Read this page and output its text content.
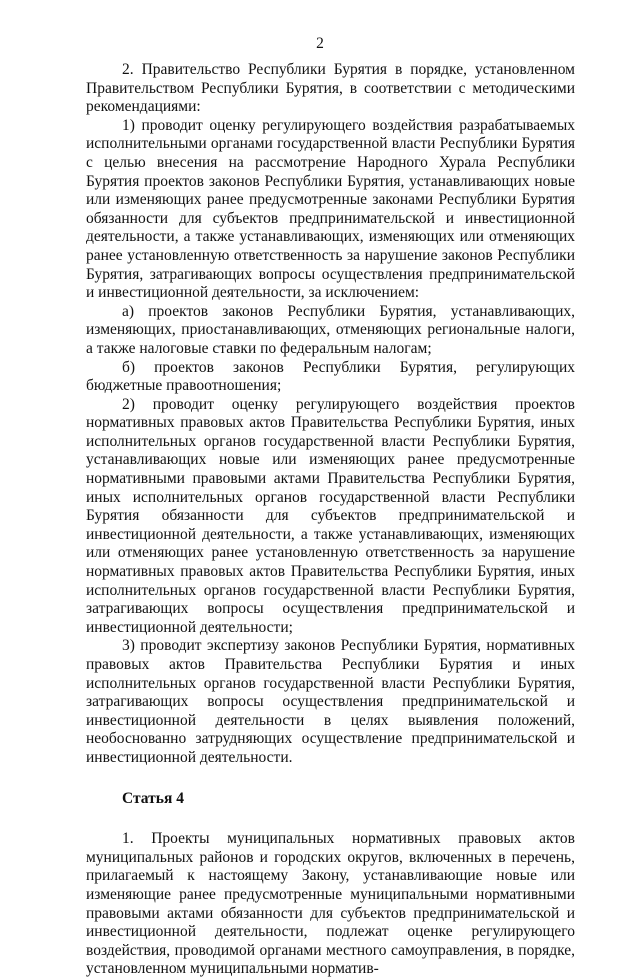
2

2. Правительство Республики Бурятия в порядке, установленном Правительством Республики Бурятия, в соответствии с методическими рекомендациями:

1) проводит оценку регулирующего воздействия разрабатываемых исполнительными органами государственной власти Республики Бурятия с целью внесения на рассмотрение Народного Хурала Республики Бурятия проектов законов Республики Бурятия, устанавливающих новые или изменяющих ранее предусмотренные законами Республики Бурятия обязанности для субъектов предпринимательской и инвестиционной деятельности, а также устанавливающих, изменяющих или отменяющих ранее установленную ответственность за нарушение законов Республики Бурятия, затрагивающих вопросы осуществления предпринимательской и инвестиционной деятельности, за исключением:

а) проектов законов Республики Бурятия, устанавливающих, изменяющих, приостанавливающих, отменяющих региональные налоги, а также налоговые ставки по федеральным налогам;

б) проектов законов Республики Бурятия, регулирующих бюджетные правоотношения;

2) проводит оценку регулирующего воздействия проектов нормативных правовых актов Правительства Республики Бурятия, иных исполнительных органов государственной власти Республики Бурятия, устанавливающих новые или изменяющих ранее предусмотренные нормативными правовыми актами Правительства Республики Бурятия, иных исполнительных органов государственной власти Республики Бурятия обязанности для субъектов предпринимательской и инвестиционной деятельности, а также устанавливающих, изменяющих или отменяющих ранее установленную ответственность за нарушение нормативных правовых актов Правительства Республики Бурятия, иных исполнительных органов государственной власти Республики Бурятия, затрагивающих вопросы осуществления предпринимательской и инвестиционной деятельности;

3) проводит экспертизу законов Республики Бурятия, нормативных правовых актов Правительства Республики Бурятия и иных исполнительных органов государственной власти Республики Бурятия, затрагивающих вопросы осуществления предпринимательской и инвестиционной деятельности в целях выявления положений, необоснованно затрудняющих осуществление предпринимательской и инвестиционной деятельности.

Статья 4

1. Проекты муниципальных нормативных правовых актов муниципальных районов и городских округов, включенных в перечень, прилагаемый к настоящему Закону, устанавливающие новые или изменяющие ранее предусмотренные муниципальными нормативными правовыми актами обязанности для субъектов предпринимательской и инвестиционной деятельности, подлежат оценке регулирующего воздействия, проводимой органами местного самоуправления, в порядке, установленном муниципальными норматив-
